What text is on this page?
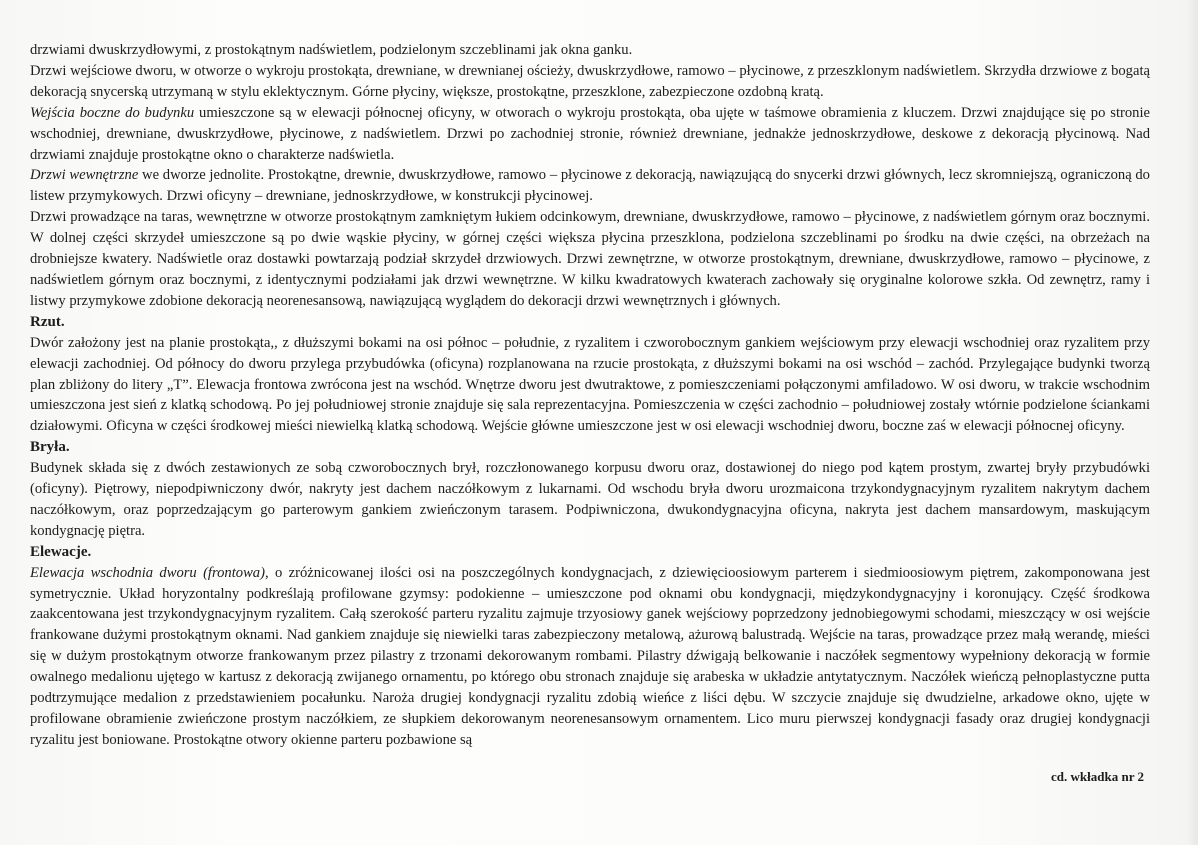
drzwiami dwuskrzydłowymi, z prostokątnym nadświetlem, podzielonym szczeblinami jak okna ganku.

Drzwi wejściowe dworu, w otworze o wykroju prostokąta, drewniane, w drewnianej ościeży, dwuskrzydłowe, ramowo – płycinowe, z przeszklonym nadświetlem. Skrzydła drzwiowe z bogatą dekoracją snycerską utrzymaną w stylu eklektycznym. Górne płyciny, większe, prostokątne, przeszklone, zabezpieczone ozdobną kratą.

Wejścia boczne do budynku umieszczone są w elewacji północnej oficyny, w otworach o wykroju prostokąta, oba ujęte w taśmowe obramienia z kluczem. Drzwi znajdujące się po stronie wschodniej, drewniane, dwuskrzydłowe, płycinowe, z nadświetlem. Drzwi po zachodniej stronie, również drewniane, jednakże jednoskrzydłowe, deskowe z dekoracją płycinową. Nad drzwiami znajduje prostokątne okno o charakterze nadświetla.

Drzwi wewnętrzne we dworze jednolite. Prostokątne, drewnie, dwuskrzydłowe, ramowo – płycinowe z dekoracją, nawiązującą do snycerki drzwi głównych, lecz skromniejszą, ograniczoną do listew przymykowych. Drzwi oficyny – drewniane, jednoskrzydłowe, w konstrukcji płycinowej.

Drzwi prowadzące na taras, wewnętrzne w otworze prostokątnym zamkniętym łukiem odcinkowym, drewniane, dwuskrzydłowe, ramowo – płycinowe, z nadświetlem górnym oraz bocznymi. W dolnej części skrzydeł umieszczone są po dwie wąskie płyciny, w górnej części większa płycina przeszklona, podzielona szczeblinami po środku na dwie części, na obrzeżach na drobniejsze kwatery. Nadświetle oraz dostawki powtarzają podział skrzydeł drzwiowych. Drzwi zewnętrzne, w otworze prostokątnym, drewniane, dwuskrzydłowe, ramowo – płycinowe, z nadświetlem górnym oraz bocznymi, z identycznymi podziałami jak drzwi wewnętrzne. W kilku kwadratowych kwaterach zachowały się oryginalne kolorowe szkła. Od zewnętrz, ramy i listwy przymykowe zdobione dekoracją neorenesansową, nawiązującą wyglądem do dekoracji drzwi wewnętrznych i głównych.

Rzut.

Dwór założony jest na planie prostokąta,, z dłuższymi bokami na osi północ – południe, z ryzalitem i czworobocznym gankiem wejściowym przy elewacji wschodniej oraz ryzalitem przy elewacji zachodniej. Od północy do dworu przylega przybudówka (oficyna) rozplanowana na rzucie prostokąta, z dłuższymi bokami na osi wschód – zachód. Przylegające budynki tworzą plan zbliżony do litery „T”. Elewacja frontowa zwrócona jest na wschód. Wnętrze dworu jest dwutraktowe, z pomieszczeniami połączonymi amfiladowo. W osi dworu, w trakcie wschodnim umieszczona jest sień z klatką schodową. Po jej południowej stronie znajduje się sala reprezentacyjna. Pomieszczenia w części zachodnio – południowej zostały wtórnie podzielone ściankami działowymi. Oficyna w części środkowej mieści niewielką klatką schodową. Wejście główne umieszczone jest w osi elewacji wschodniej dworu, boczne zaś w elewacji północnej oficyny.

Bryła.

Budynek składa się z dwóch zestawionych ze sobą czworobocznych brył, rozczłonowanego korpusu dworu oraz, dostawionej do niego pod kątem prostym, zwartej bryły przybudówki (oficyny). Piętrowy, niepodpiwniczony dwór, nakryty jest dachem naczółkowym z lukarnami. Od wschodu bryła dworu urozmaicona trzykondygnacyjnym ryzalitem nakrytym dachem naczółkowym, oraz poprzedzającym go parterowym gankiem zwieńczonym tarasem. Podpiwniczona, dwukondygnacyjna oficyna, nakryta jest dachem mansardowym, maskującym kondygnację piętra.

Elewacje.

Elewacja wschodnia dworu (frontowa), o zróżnicowanej ilości osi na poszczególnych kondygnacjach, z dziewięcioosiowym parterem i siedmioosiowym piętrem, zakomponowana jest symetrycznie. Układ horyzontalny podkreślają profilowane gzymsy: podokienne – umieszczone pod oknami obu kondygnacji, międzykondygnacyjny i koronujący. Część środkowa zaakcentowana jest trzykondygnacyjnym ryzalitem. Całą szerokość parteru ryzalitu zajmuje trzyosiowy ganek wejściowy poprzedzony jednobiegowymi schodami, mieszczący w osi wejście frankowane dużymi prostokątnym oknami. Nad gankiem znajduje się niewielki taras zabezpieczony metalową, ażurową balustradą. Wejście na taras, prowadzące przez małą werandę, mieści się w dużym prostokątnym otworze frankowanym przez pilastry z trzonami dekorowanym rombami. Pilastry dźwigają belkowanie i naczółek segmentowy wypełniony dekoracją w formie owalnego medalionu ujętego w kartusz z dekoracją zwijanego ornamentu, po którego obu stronach znajduje się arabeska w układzie antytatycznym. Naczółek wieńczą pełnoplastyczne putta podtrzymujące medalion z przedstawieniem pocałunku. Naroża drugiej kondygnacji ryzalitu zdobią wieńce z liści dębu. W szczycie znajduje się dwudzielne, arkadowe okno, ujęte w profilowane obramienie zwieńczone prostym naczółkiem, ze słupkiem dekorowanym neorenesansowym ornamentem. Lico muru pierwszej kondygnacji fasady oraz drugiej kondygnacji ryzalitu jest boniowane. Prostokątne otwory okienne parteru pozbawione są

cd. wkładka nr 2
